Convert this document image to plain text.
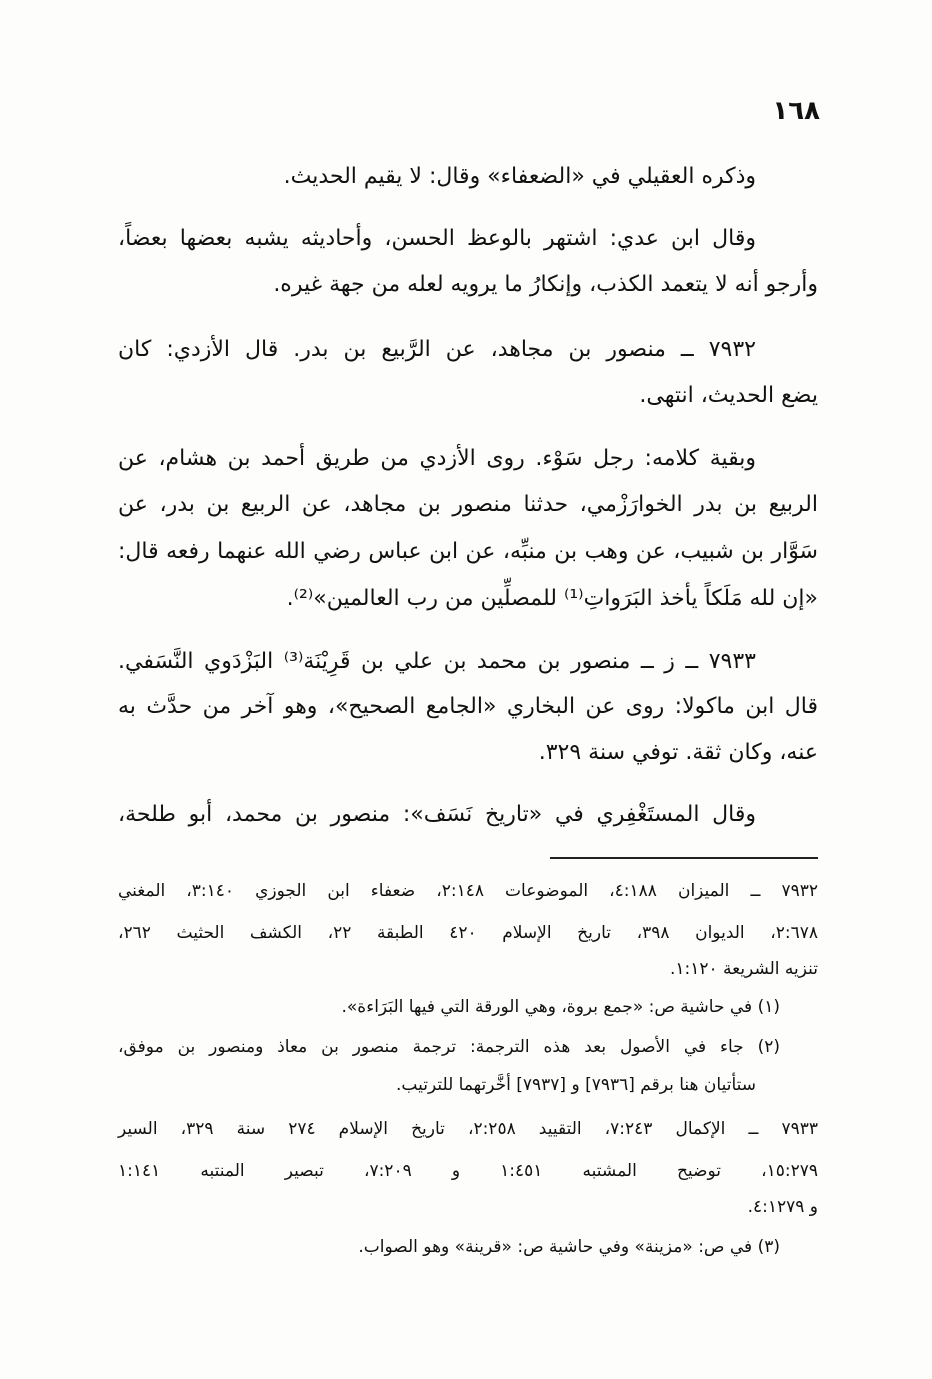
١٦٨
وذكره العقيلي في «الضعفاء» وقال: لا يقيم الحديث.
وقال ابن عدي: اشتهر بالوعظ الحسن، وأحاديثه يشبه بعضها بعضاً،
وأرجو أنه لا يتعمد الكذب، وإنكارُ ما يرويه لعله من جهة غيره.
٧٩٣٢ ــ منصور بن مجاهد، عن الرَّبيع بن بدر. قال الأزدي: كان
يضع الحديث، انتهى.
وبقية كلامه: رجل سَوْء. روى الأزدي من طريق أحمد بن هشام، عن
الربيع بن بدر الخوارَزْمي، حدثنا منصور بن مجاهد، عن الربيع بن بدر، عن
سَوَّار بن شبيب، عن وهب بن منبِّه، عن ابن عباس رضي الله عنهما رفعه قال:
«إن لله مَلَكاً يأخذ البَرَواتِ⁽¹⁾ للمصلِّين من رب العالمين»⁽²⁾.
٧٩٣٣ ــ ز ــ منصور بن محمد بن علي بن قَرِيْنَة⁽³⁾ البَزْدَوي النَّسَفي.
قال ابن ماكولا: روى عن البخاري «الجامع الصحيح»، وهو آخر من حدَّث به
عنه، وكان ثقة. توفي سنة ٣٢٩.
وقال المستَغْفِري في «تاريخ نَسَف»: منصور بن محمد، أبو طلحة،
٧٩٣٢ ــ الميزان ٤:١٨٨، الموضوعات ٢:١٤٨، ضعفاء ابن الجوزي ٣:١٤٠، المغني
٢:٦٧٨، الديوان ٣٩٨، تاريخ الإسلام ٤٢٠ الطبقة ٢٢، الكشف الحثيث ٢٦٢،
تنزيه الشريعة ١:١٢٠.
(١) في حاشية ص: «جمع بروة، وهي الورقة التي فيها البَرَاءة».
(٢) جاء في الأصول بعد هذه الترجمة: ترجمة منصور بن معاذ ومنصور بن موفق،
ستأتيان هنا برقم [٧٩٣٦] و [٧٩٣٧] أخَّرتهما للترتيب.
٧٩٣٣ ــ الإكمال ٧:٢٤٣، التقييد ٢:٢٥٨، تاريخ الإسلام ٢٧٤ سنة ٣٢٩، السير
١٥:٢٧٩، توضيح المشتبه ١:٤٥١ و ٧:٢٠٩، تبصير المنتبه ١:١٤١
و ٤:١٢٧٩.
(٣) في ص: «مزينة» وفي حاشية ص: «قرينة» وهو الصواب.
